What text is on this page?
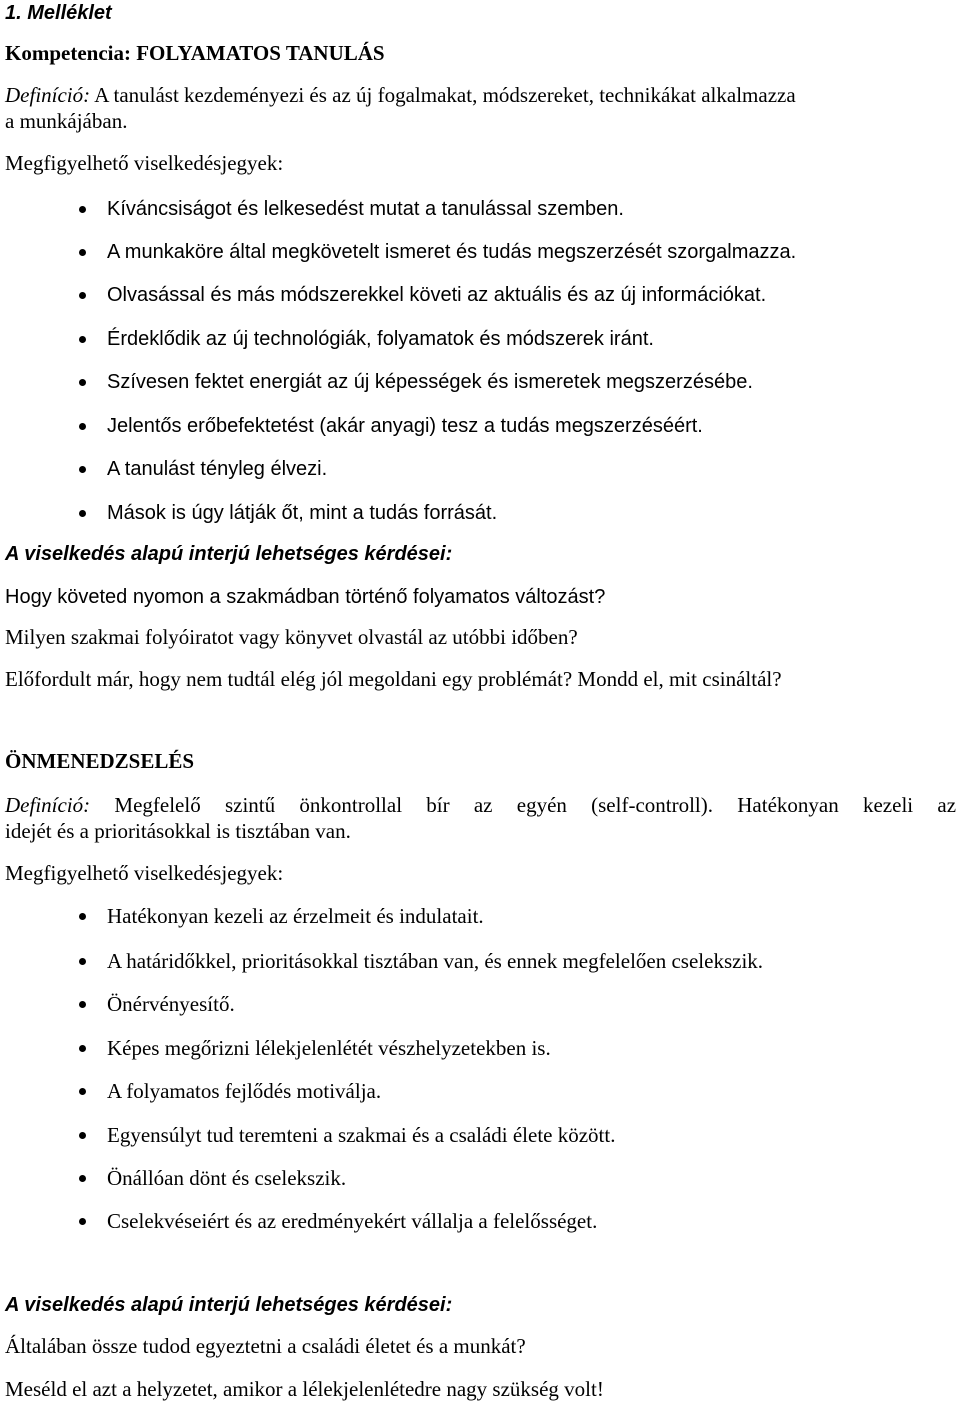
1. Melléklet
Kompetencia: FOLYAMATOS TANULÁS
Definíció: A tanulást kezdeményezi és az új fogalmakat, módszereket, technikákat alkalmazza
a munkájában.
Megfigyelhető viselkedésjegyek:
Kíváncsiságot és lelkesedést mutat a tanulással szemben.
A munkaköre által megkövetelt ismeret és tudás megszerzését szorgalmazza.
Olvasással és más módszerekkel követi az aktuális és az új információkat.
Érdeklődik az új technológiák, folyamatok és módszerek iránt.
Szívesen fektet energiát az új képességek és ismeretek megszerzésébe.
Jelentős erőbefektetést (akár anyagi) tesz a tudás megszerzéséért.
A tanulást tényleg élvezi.
Mások is úgy látják őt, mint a tudás forrását.
A viselkedés alapú interjú lehetséges kérdései:
Hogy követed nyomon a szakmádban történő folyamatos változást?
Milyen szakmai folyóiratot vagy könyvet olvastál az utóbbi időben?
Előfordult már, hogy nem tudtál elég jól megoldani egy problémát? Mondd el, mit csináltál?
ÖNMENEDZSELÉS
Definíció: Megfelelő szintű önkontrollal bír az egyén (self-controll). Hatékonyan kezeli az
idejét és a prioritásokkal is tisztában van.
Megfigyelhető viselkedésjegyek:
Hatékonyan kezeli az érzelmeit és indulatait.
A határidőkkel, prioritásokkal tisztában van, és ennek megfelelően cselekszik.
Önérvényesítő.
Képes megőrizni lélekjelenlétét vészhelyzetekben is.
A folyamatos fejlődés motiválja.
Egyensúlyt tud teremteni a szakmai és a családi élete között.
Önállóan dönt és cselekszik.
Cselekvéseiért és az eredményekért vállalja a felelősséget.
A viselkedés alapú interjú lehetséges kérdései:
Általában össze tudod egyeztetni a családi életet és a munkát?
Meséld el azt a helyzetet, amikor a lélekjelenlétedre nagy szükség volt!
